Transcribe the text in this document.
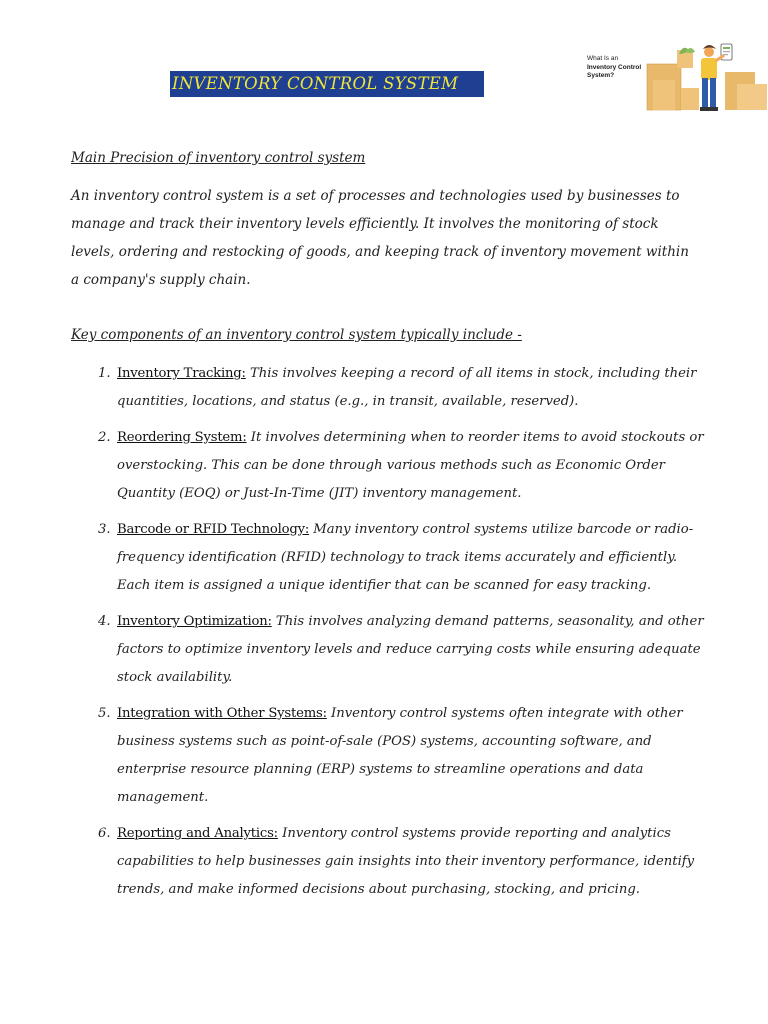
INVENTORY CONTROL SYSTEM
What Is an
Inventory Control
System?
Main Precision of inventory control system
An inventory control system is a set of processes and technologies used by businesses to manage and track their inventory levels efficiently. It involves the monitoring of stock levels, ordering and restocking of goods, and keeping track of inventory movement within a company's supply chain.
Key components of an inventory control system typically include -
1. Inventory Tracking: This involves keeping a record of all items in stock, including their quantities, locations, and status (e.g., in transit, available, reserved).
2. Reordering System: It involves determining when to reorder items to avoid stockouts or overstocking. This can be done through various methods such as Economic Order Quantity (EOQ) or Just-In-Time (JIT) inventory management.
3. Barcode or RFID Technology: Many inventory control systems utilize barcode or radio-frequency identification (RFID) technology to track items accurately and efficiently. Each item is assigned a unique identifier that can be scanned for easy tracking.
4. Inventory Optimization: This involves analyzing demand patterns, seasonality, and other factors to optimize inventory levels and reduce carrying costs while ensuring adequate stock availability.
5. Integration with Other Systems: Inventory control systems often integrate with other business systems such as point-of-sale (POS) systems, accounting software, and enterprise resource planning (ERP) systems to streamline operations and data management.
6. Reporting and Analytics: Inventory control systems provide reporting and analytics capabilities to help businesses gain insights into their inventory performance, identify trends, and make informed decisions about purchasing, stocking, and pricing.
